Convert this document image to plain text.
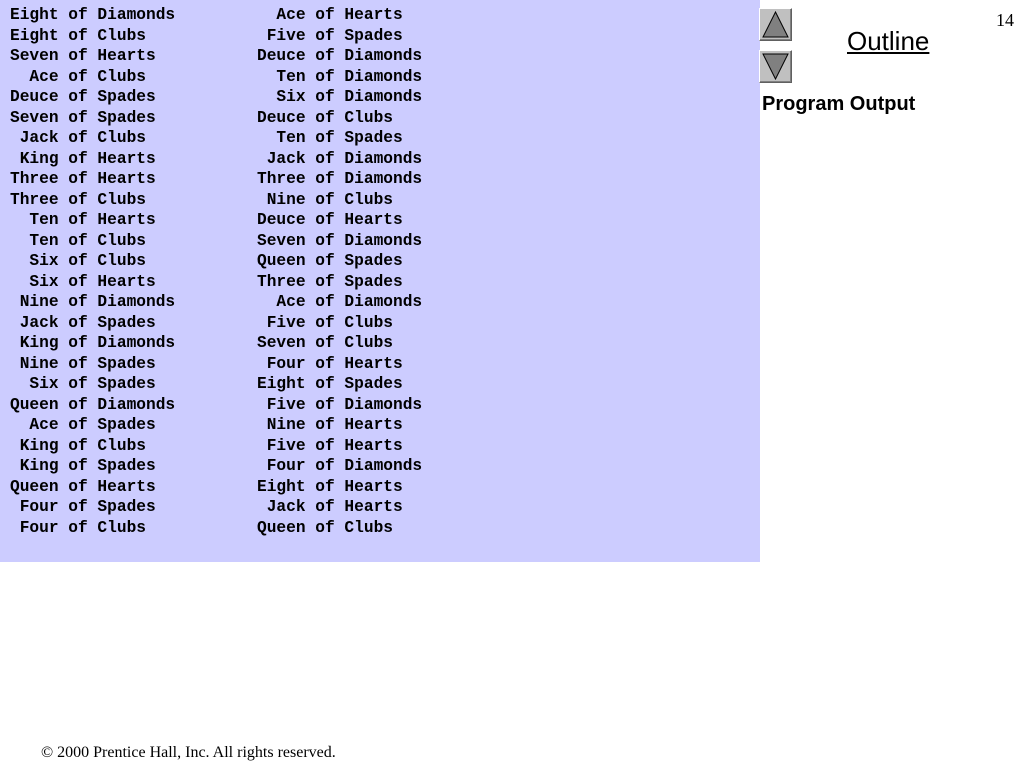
Eight of Diamonds	Ace of Hearts
Eight of Clubs	Five of Spades
Seven of Hearts	Deuce of Diamonds
Ace of Clubs	Ten of Diamonds
Deuce of Spades	Six of Diamonds
Seven of Spades	Deuce of Clubs
Jack of Clubs	Ten of Spades
King of Hearts	Jack of Diamonds
Three of Hearts	Three of Diamonds
Three of Clubs	Nine of Clubs
Ten of Hearts	Deuce of Hearts
Ten of Clubs	Seven of Diamonds
Six of Clubs	Queen of Spades
Six of Hearts	Three of Spades
Nine of Diamonds	Ace of Diamonds
Jack of Spades	Five of Clubs
King of Diamonds	Seven of Clubs
Nine of Spades	Four of Hearts
Six of Spades	Eight of Spades
Queen of Diamonds	Five of Diamonds
Ace of Spades	Nine of Hearts
King of Clubs	Five of Hearts
King of Spades	Four of Diamonds
Queen of Hearts	Eight of Hearts
Four of Spades	Jack of Hearts
Four of Clubs	Queen of Clubs
Outline
Program Output
14
© 2000 Prentice Hall, Inc. All rights reserved.
